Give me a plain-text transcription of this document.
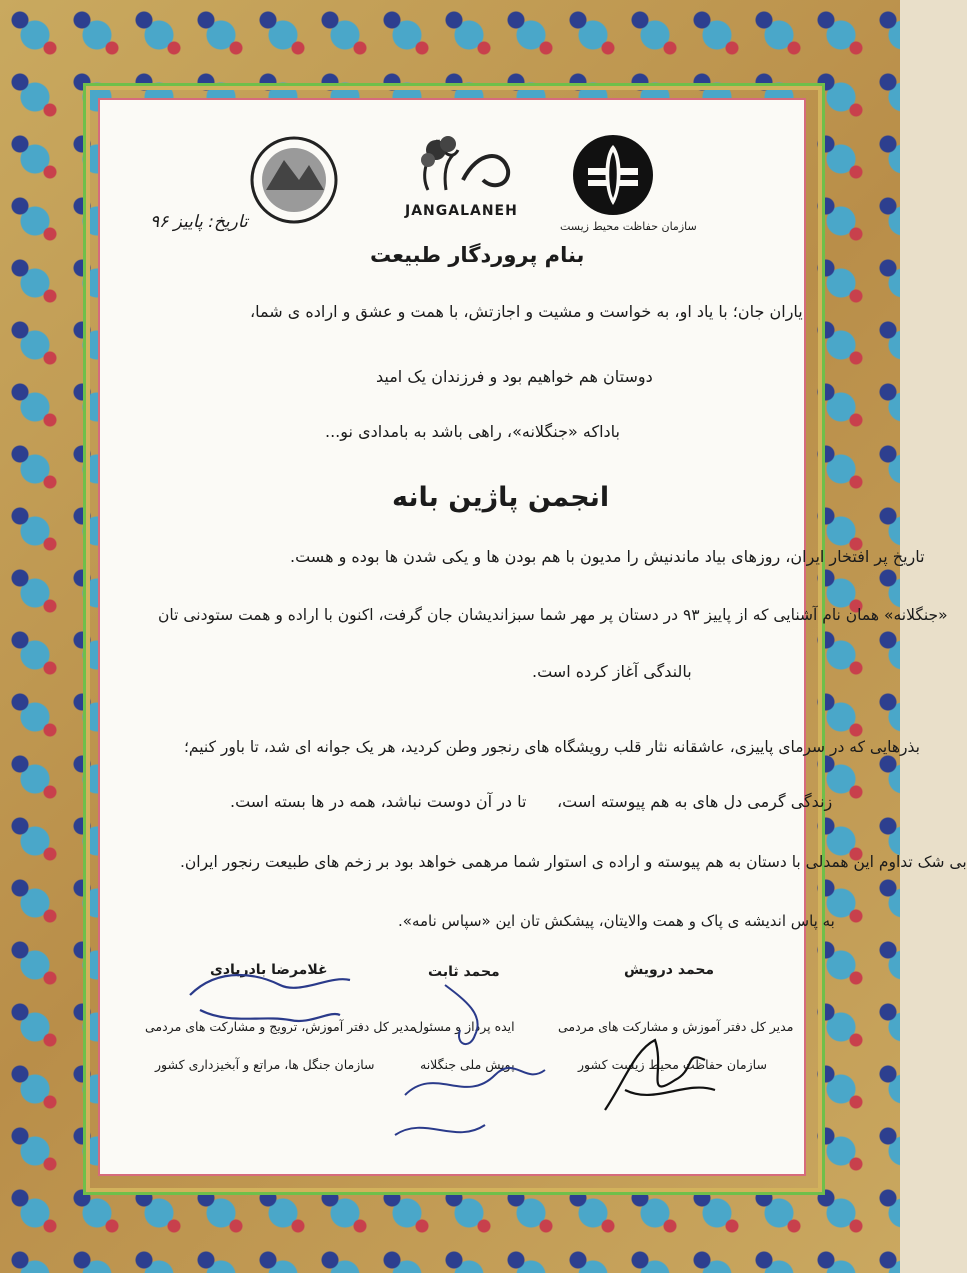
سازمان حفاظت محیط زیست
JANGALANEH
تاریخ: پاییز ۹۶
بنام پروردگار طبیعت
یاران جان؛ با یاد او، به خواست و مشیت و اجازتش، با همت و عشق و اراده ی شما،
دوستان هم خواهیم بود و فرزندان یک امید
باداکه «جنگلانه»، راهی باشد به بامدادی نو...
انجمن پاژین بانه
تاریخ پر افتخار ایران، روزهای بیاد ماندنیش را مدیون با هم بودن ها و یکی شدن ها بوده و هست.
«جنگلانه» همان نام آشنایی که از پاییز ۹۳ در دستان پر مهر شما سبزاندیشان جان گرفت، اکنون با اراده و همت ستودنی تان
بالندگی آغاز کرده است.
بذرهایی که در سرمای پاییزی، عاشقانه نثار قلب رویشگاه های رنجور وطن کردید، هر یک جوانه ای شد، تا باور کنیم؛
زندگی گرمی دل های به هم پیوسته است،      تا در آن دوست نباشد، همه در ها بسته است.
بی شک تداوم این همدلی با دستان به هم پیوسته و اراده ی استوار شما مرهمی خواهد بود بر زخم های طبیعت رنجور ایران.
به پاس اندیشه ی پاک و همت والایتان، پیشکش تان این «سپاس نامه».
محمد درویش
مدیر کل دفتر آموزش و مشارکت های مردمی
سازمان حفاظت محیط زیست کشور
محمد ثابت
ایده پرداز و مسئول
پویش ملی جنگلانه
غلامرضا بادربادی
مدیر کل دفتر آموزش، ترویج و مشارکت های مردمی
سازمان جنگل ها، مراتع و آبخیزداری کشور
